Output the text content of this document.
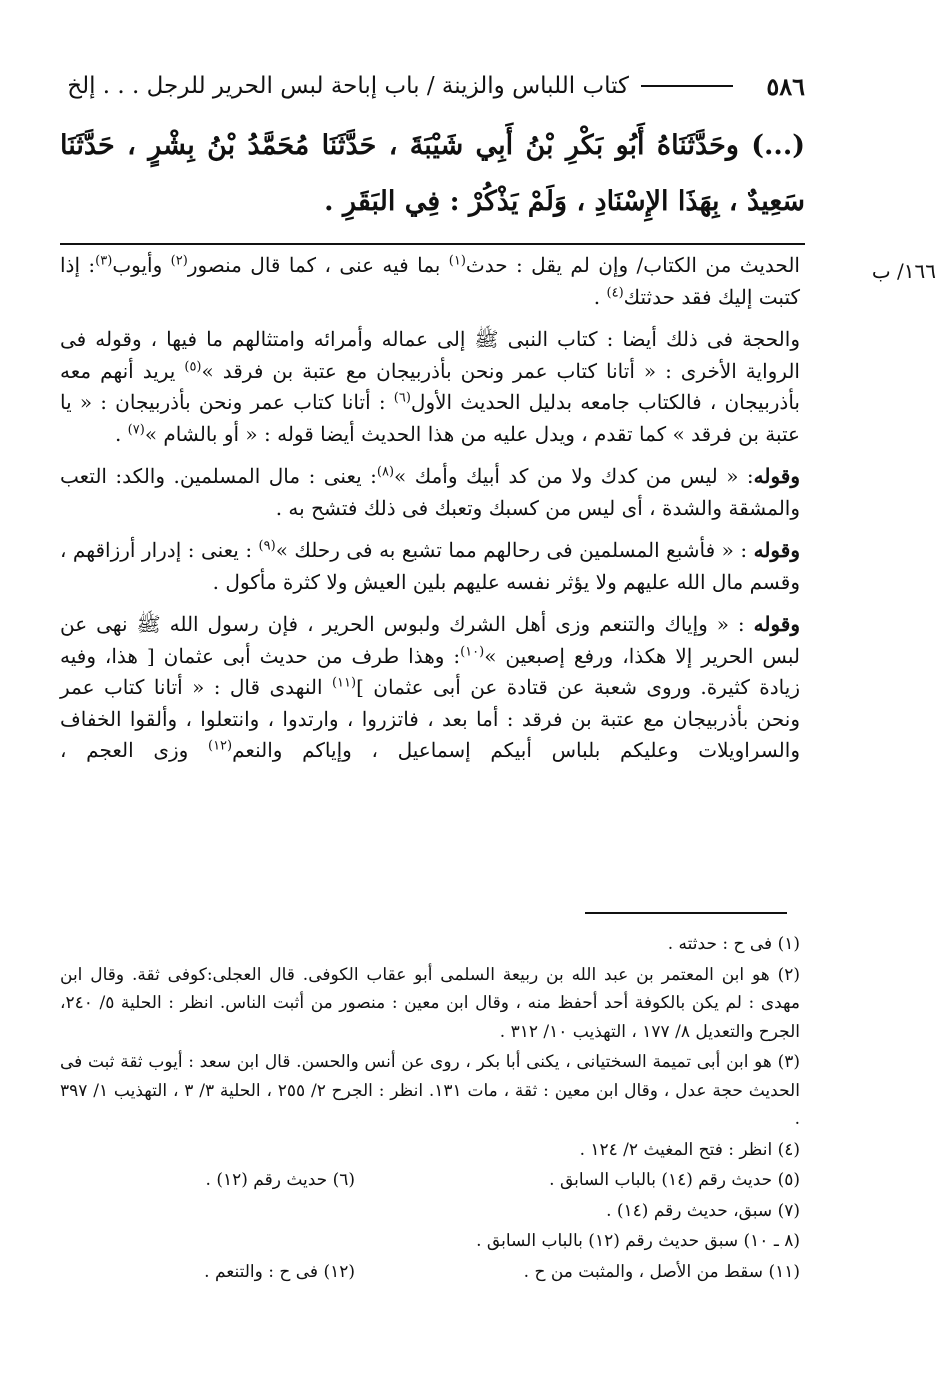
٥٨٦
كتاب اللباس والزينة / باب إباحة لبس الحرير للرجل . . . إلخ
(...) وحَدَّثَنَاهُ أَبُو بَكْرِ بْنُ أَبِي شَيْبَةَ ، حَدَّثَنَا مُحَمَّدُ بْنُ بِشْرٍ ، حَدَّثَنَا سَعِيدٌ ، بِهَذَا الإِسْنَادِ ، وَلَمْ يَذْكُرْ : فِي البَقَرِ .
١٦٦/ ب

الحديث من الكتاب/ وإن لم يقل : حدث$^{(١)}$ بما فيه عنى ، كما قال منصور$^{(٢)}$ وأيوب$^{(٣)}$: إذا كتبت إليك فقد حدثتك$^{(٤)}$ .

والحجة فى ذلك أيضا : كتاب النبى ﷺ إلى عماله وأمرائه وامتثالهم ما فيها ، وقوله فى الرواية الأخرى : « أتانا كتاب عمر ونحن بأذربيجان مع عتبة بن فرقد »$^{(٥)}$ يريد أنهم معه بأذربيجان ، فالكتاب جامعه بدليل الحديث الأول$^{(٦)}$ : أتانا كتاب عمر ونحن بأذربيجان : « يا عتبة بن فرقد » كما تقدم ، ويدل عليه من هذا الحديث أيضا قوله : « أو بالشام »$^{(٧)}$ .

وقوله: « ليس من كدك ولا من كد أبيك وأمك »$^{(٨)}$: يعنى : مال المسلمين. والكد: التعب والمشقة والشدة ، أى ليس من كسبك وتعبك فى ذلك فتشح به .

وقوله : « فأشبع المسلمين فى رحالهم مما تشبع به فى رحلك »$^{(٩)}$ : يعنى : إدرار أرزاقهم ، وقسم مال الله عليهم ولا يؤثر نفسه عليهم بلين العيش ولا كثرة مأكول .

وقوله : « وإياك والتنعم وزى أهل الشرك ولبوس الحرير ، فإن رسول الله ﷺ نهى عن لبس الحرير إلا هكذا، ورفع إصبعين »$^{(١٠)}$: وهذا طرف من حديث أبى عثمان [ هذا، وفيه زيادة كثيرة. وروى شعبة عن قتادة عن أبى عثمان ]$^{(١١)}$ النهدى قال : « أتانا كتاب عمر ونحن بأذربيجان مع عتبة بن فرقد : أما بعد ، فاتزروا ، وارتدوا ، وانتعلوا ، وألقوا الخفاف والسراويلات وعليكم بلباس أبيكم إسماعيل ، وإياكم والنعم$^{(١٢)}$ وزى العجم ،

(١) فى ح : حدثته .
(٢) هو ابن المعتمر بن عبد الله بن ربيعة السلمى أبو عقاب الكوفى. قال العجلى:كوفى ثقة. وقال ابن مهدى : لم يكن بالكوفة أحد أحفظ منه ، وقال ابن معين : منصور من أثبت الناس. انظر : الحلية ٥/ ٢٤٠، الجرح والتعديل ٨/ ١٧٧ ، التهذيب ١٠/ ٣١٢ .
(٣) هو ابن أبى تميمة السختيانى ، يكنى أبا بكر ، روى عن أنس والحسن. قال ابن سعد : أيوب ثقة ثبت فى الحديث حجة عدل ، وقال ابن معين : ثقة ، مات ١٣١. انظر : الجرح ٢/ ٢٥٥ ، الحلية ٣/ ٣ ، التهذيب ١/ ٣٩٧ .
(٤) انظر : فتح المغيث ٢/ ١٢٤ .
(٥) حديث رقم (١٤) بالباب السابق .
(٦) حديث رقم (١٢) .
(٧) سبق، حديث رقم (١٤) .
(٨ ـ ١٠) سبق حديث رقم (١٢) بالباب السابق .
(١١) سقط من الأصل ، والمثبت من ح .
(١٢) فى ح : والتنعم .
